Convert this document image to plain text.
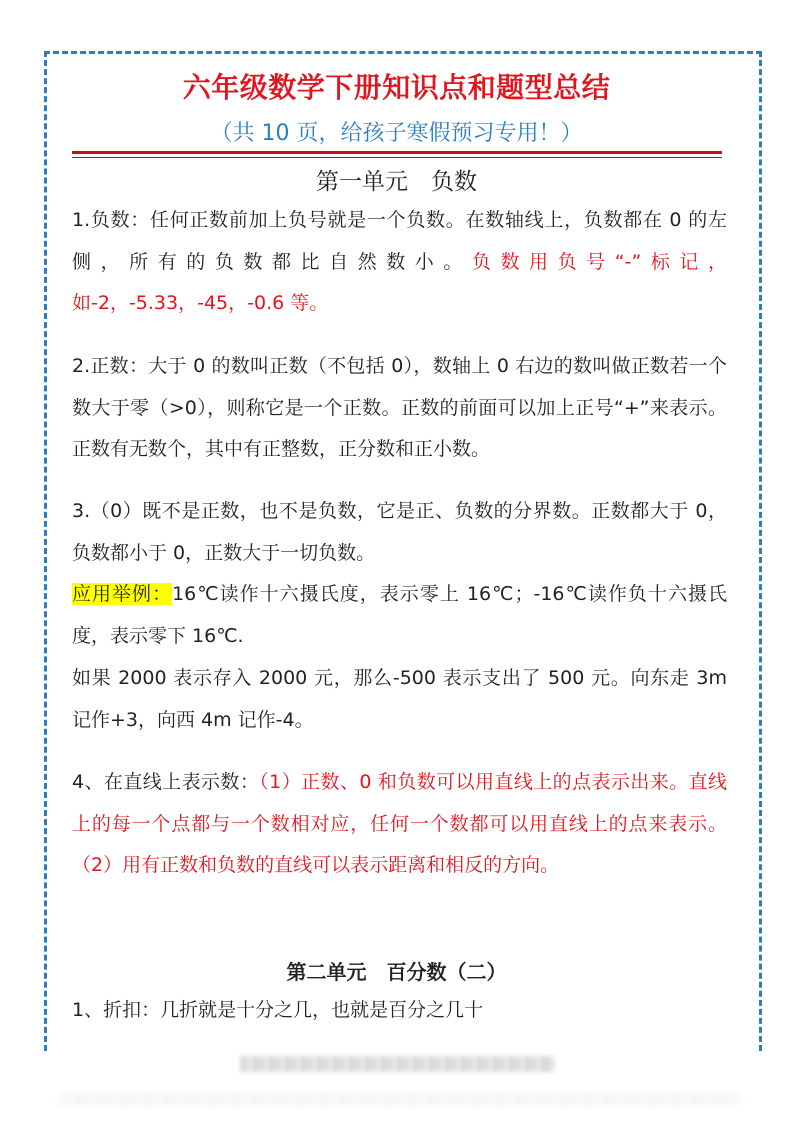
六年级数学下册知识点和题型总结
（共 10 页，给孩子寒假预习专用！）
第一单元　负数
1.负数：任何正数前加上负号就是一个负数。在数轴线上，负数都在 0 的左侧，所有的负数都比自然数小。负数用负号“-”标记，如-2，-5.33，-45，-0.6 等。
2.正数：大于 0 的数叫正数（不包括 0），数轴上 0 右边的数叫做正数若一个数大于零（>0），则称它是一个正数。正数的前面可以加上正号“+”来表示。正数有无数个，其中有正整数，正分数和正小数。
3.（0）既不是正数，也不是负数，它是正、负数的分界数。正数都大于 0，负数都小于 0，正数大于一切负数。
应用举例：16℃读作十六摄氏度，表示零上 16℃；-16℃读作负十六摄氏度，表示零下 16℃.
如果 2000 表示存入 2000 元，那么-500 表示支出了 500 元。向东走 3m 记作+3，向西 4m 记作-4。
4、在直线上表示数：（1）正数、0 和负数可以用直线上的点表示出来。直线上的每一个点都与一个数相对应，任何一个数都可以用直线上的点来表示。（2）用有正数和负数的直线可以表示距离和相反的方向。
第二单元　百分数（二）
1、折扣：几折就是十分之几，也就是百分之几十
